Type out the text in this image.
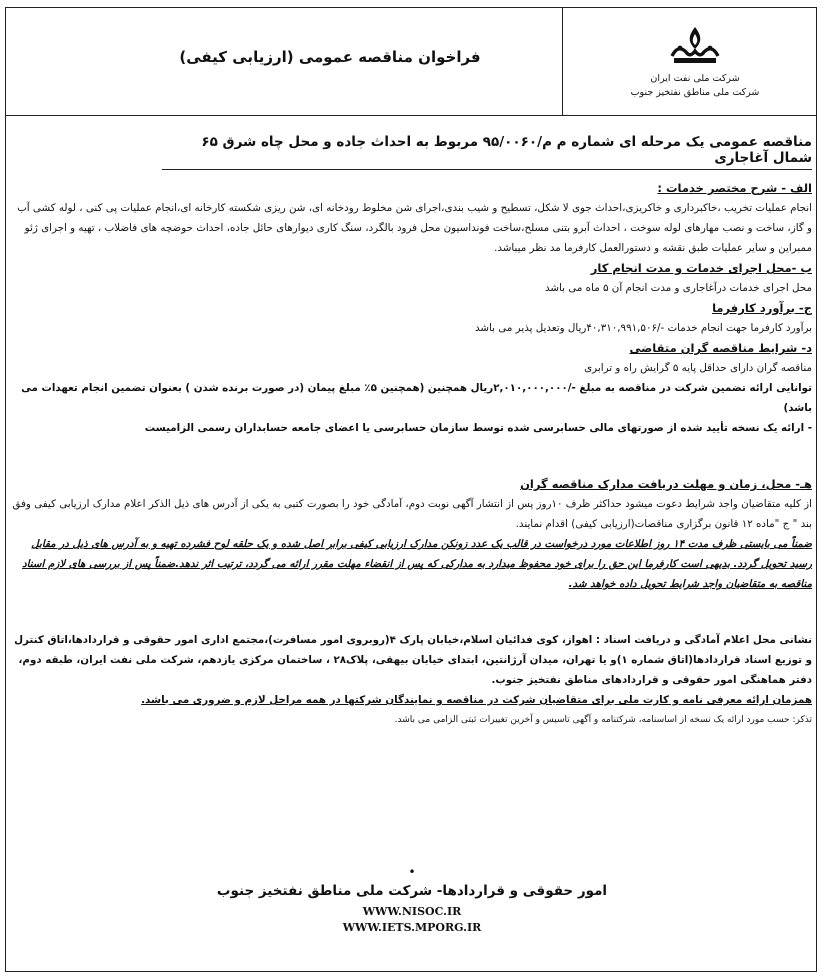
شرکت ملی نفت ایران
شرکت ملی مناطق نفتخیز جنوب
فراخوان مناقصه عمومی (ارزیابی کیفی)
مناقصه عمومی یک مرحله ای شماره م م/۹۵/۰۰۶۰ مربوط به احداث جاده و محل چاه شرق ۶۵ شمال آغاجاری

الف - شرح مختصر خدمات :

انجام عملیات تخریب ،خاکبرداری و خاکریزی،احداث جوی لا شکل، تسطیح و شیب بندی،اجرای شن مخلوط رودخانه ای، شن ریزی شکسته کارخانه ای،انجام عملیات پی کنی ، لوله کشی آب و گاز، ساخت و نصب مهارهای لوله سوخت ، احداث آبرو بتنی مسلح،ساخت فونداسیون محل فرود بالگرد، سنگ کاری دیوارهای حائل جاده، احداث حوضچه های فاضلاب ، تهیه و اجرای ژئو ممبراین و سایر عملیات طبق نقشه و دستورالعمل کارفرما مد نظر میباشد.

ب -محل اجرای خدمات و مدت انجام کار

محل اجرای خدمات درآغاجاری و مدت انجام آن ۵ ماه می باشد

ج- برآورد کارفرما

برآورد کارفرما جهت انجام خدمات -/۴۰,۳۱۰,۹۹۱,۵۰۶ریال وتعدیل پذیر می باشد

د- شرایط مناقصه گران متقاضی

مناقصه گران دارای حداقل پایه ۵ گرایش راه و ترابری

توانایی ارائه تضمین شرکت در مناقصه به مبلغ -/۲,۰۱۰,۰۰۰,۰۰۰ریال همچنین (همچنین ۵٪ مبلغ پیمان (در صورت برنده شدن ) بعنوان تضمین انجام تعهدات می باشد)

- ارائه یک نسخه تأیید شده از صورتهای مالی حسابرسی شده توسط سازمان حسابرسی یا اعضای جامعه حسابداران رسمی الزامیست

هـ- محل، زمان و مهلت دریافت مدارک مناقصه گران

از کلیه متقاضیان واجد شرایط دعوت میشود حداکثر ظرف ۱۰روز پس از انتشار آگهی نوبت دوم، آمادگی خود را بصورت کتبی به یکی از آدرس های ذیل الذکر اعلام مدارک ارزیابی کیفی وفق بند " ج "ماده ۱۲ قانون برگزاری مناقصات(ارزیابی کیفی) اقدام نمایند.

ضمناً می بایستی ظرف مدت ۱۴ روز اطلاعات مورد درخواست در قالب یک عدد زونکن مدارک ارزیابی کیفی برابر اصل شده و یک حلقه لوح فشرده تهیه و به آدرس های ذیل در مقابل رسید تحویل گردد. بدیهی است کارفرما این حق را برای خود محفوظ میدارد به مدارکی که پس از انقضاء مهلت مقرر ارائه می گردد، ترتیب اثر ندهد.ضمناً پس از بررسی های لازم اسناد مناقصه به متقاضیان واجد شرایط تحویل داده خواهد شد.

نشانی محل اعلام آمادگی و دریافت اسناد : اهواز، کوی فدائیان اسلام،خیابان پارک ۴(روبروی امور مسافرت)،مجتمع اداری امور حقوقی و قراردادها،اتاق کنترل و توزیع اسناد قراردادها(اتاق شماره ۱)و یا تهران، میدان آرژانتین، ابتدای خیابان بیهقی، پلاک۲۸ ، ساختمان مرکزی یازدهم، شرکت ملی نفت ایران، طبقه دوم، دفتر هماهنگی امور حقوقی و قراردادهای مناطق نفتخیز جنوب.

همزمان ارائه معرفی نامه و کارت ملی برای متقاضیان شرکت در مناقصه و نمایندگان شرکتها در همه مراحل لازم و ضروری می باشد.

تذکر: حسب مورد ارائه یک نسخه از اساسنامه، شرکتنامه و آگهی تاسیس و آخرین تغییرات ثبتی الزامی می باشد.

•
امور حقوقی و قراردادها- شرکت ملی مناطق نفتخیز جنوب
WWW.NISOC.IR
WWW.IETS.MPORG.IR
